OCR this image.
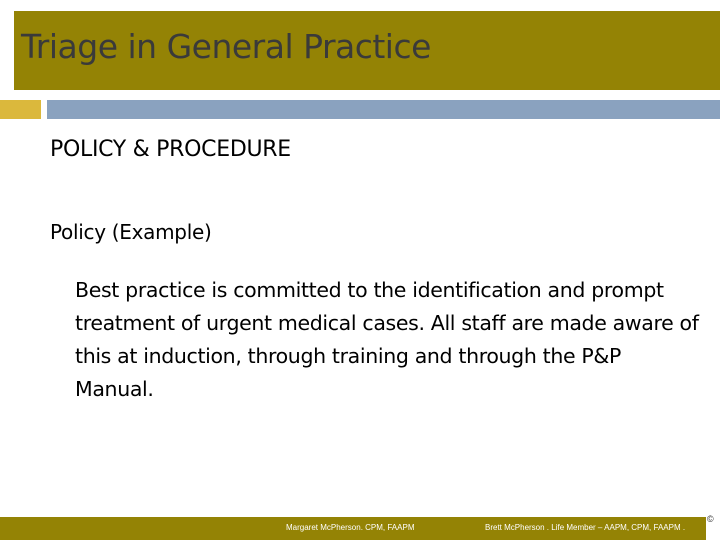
Triage in General Practice
POLICY & PROCEDURE
Policy (Example)
Best practice is committed to the identification and prompt treatment of urgent medical cases. All staff are made aware of this at induction, through training and through the P&P Manual.
Margaret McPherson. CPM, FAAPM	Brett McPherson . Life Member – AAPM, CPM, FAAPM .
©
